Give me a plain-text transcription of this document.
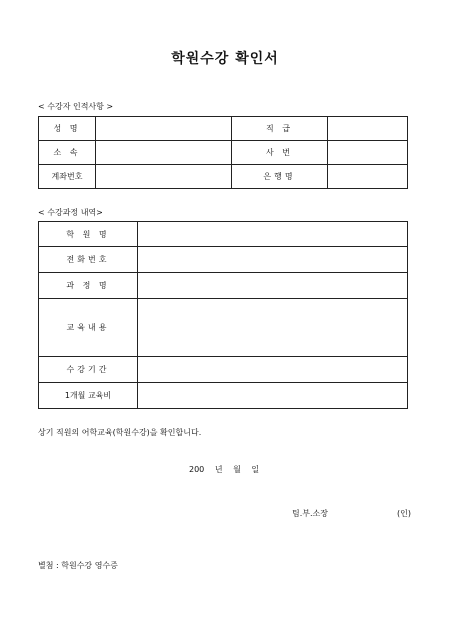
학원수강 확인서
< 수강자 인적사항 >
성 명		직 급	
소 속		사 번	
계좌번호		은행명	
< 수강과정 내역>
학 원 명	
전화번호	
과 정 명	
교육내용	
수강기간	
1개월 교육비	
상기 직원의 어학교육(학원수강)을 확인합니다.
200 년 월 일
팀.부.소장	(인)
별첨 : 학원수강 영수증
